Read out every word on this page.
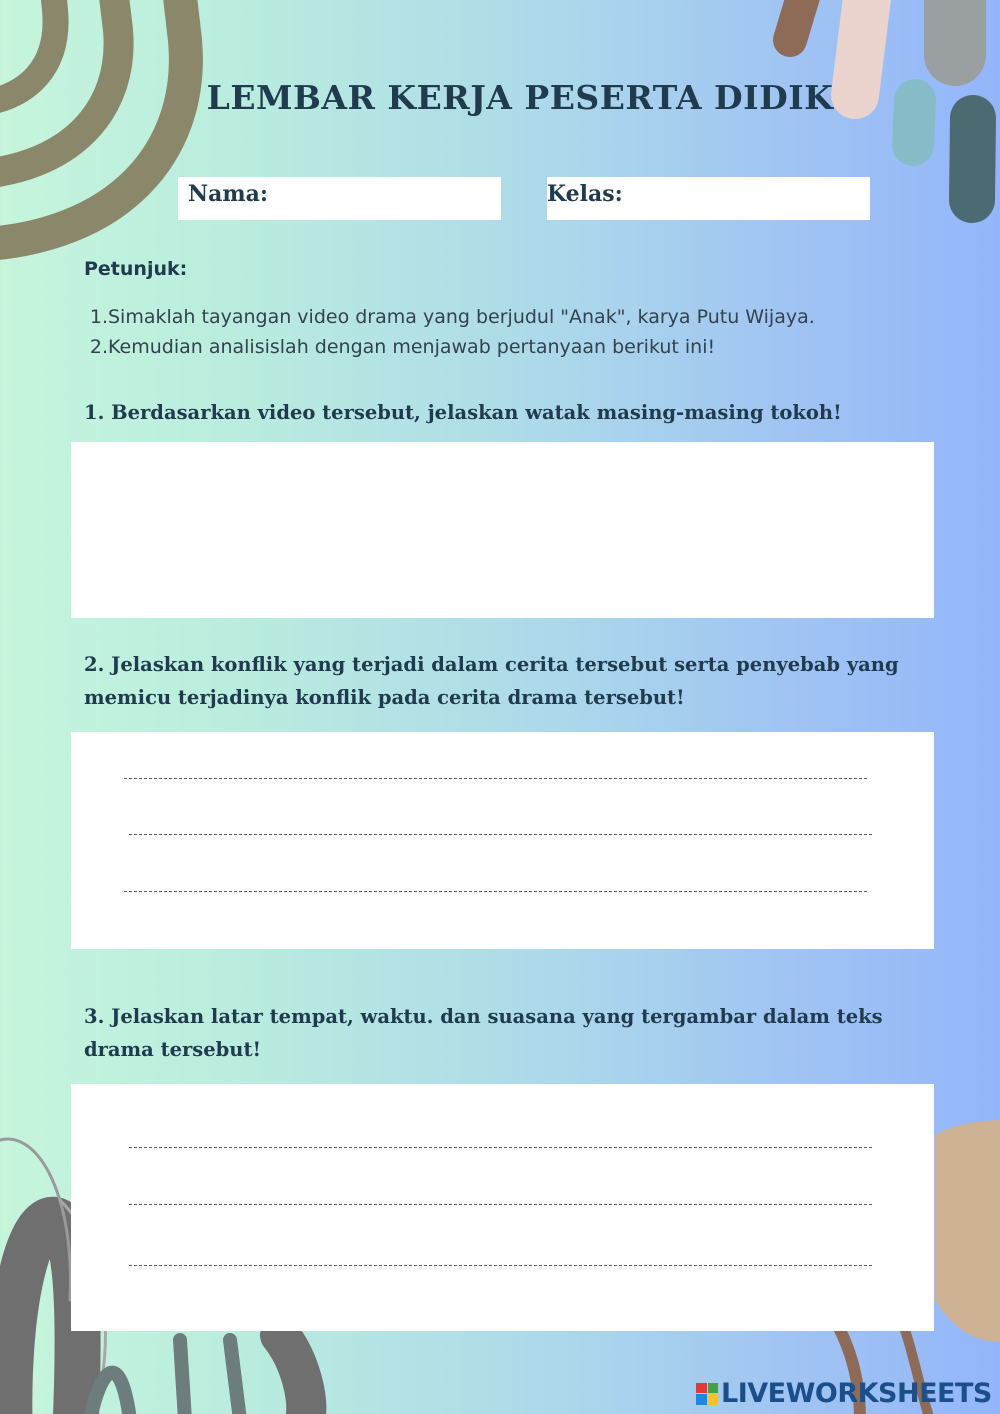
LEMBAR KERJA PESERTA DIDIK
Nama:	Kelas:
Petunjuk:
1. Simaklah tayangan video drama yang berjudul "Anak", karya Putu Wijaya.
2. Kemudian analisislah dengan menjawab pertanyaan berikut ini!
1. Berdasarkan video tersebut, jelaskan watak masing-masing tokoh!
2. Jelaskan konflik yang terjadi dalam cerita tersebut serta penyebab yang memicu terjadinya konflik pada cerita drama tersebut!
3. Jelaskan latar tempat, waktu. dan suasana yang tergambar dalam teks drama tersebut!
LIVEWORKSHEETS
